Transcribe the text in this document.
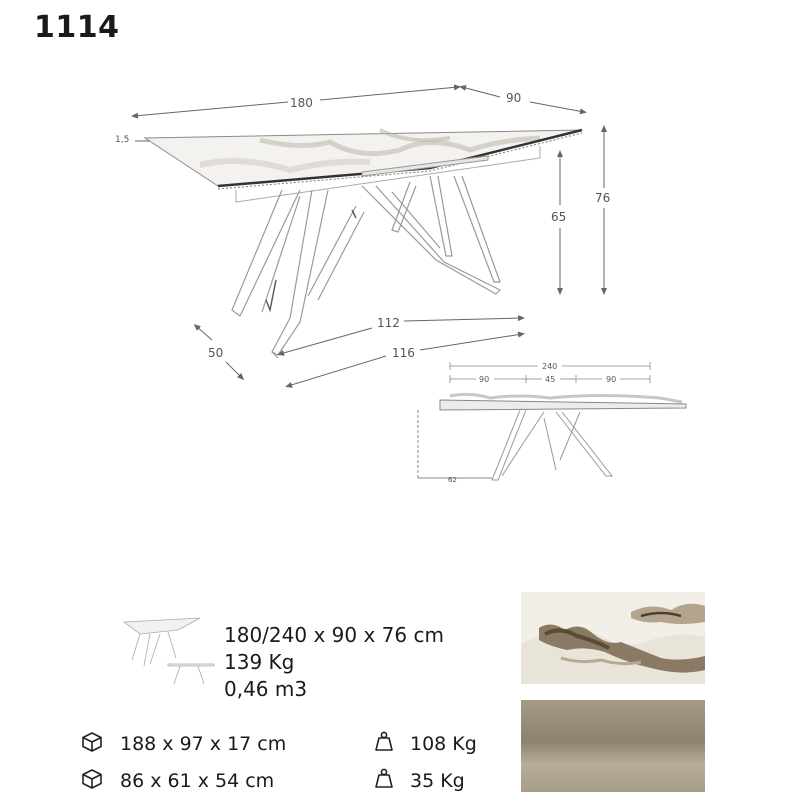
1114
180	90
1,5
65
76
112
50	116
240
90	45	90
62
180/240 x 90 x 76 cm
139 Kg
0,46 m3
188 x 97 x 17 cm	108 Kg
86 x 61 x 54 cm	35 Kg
